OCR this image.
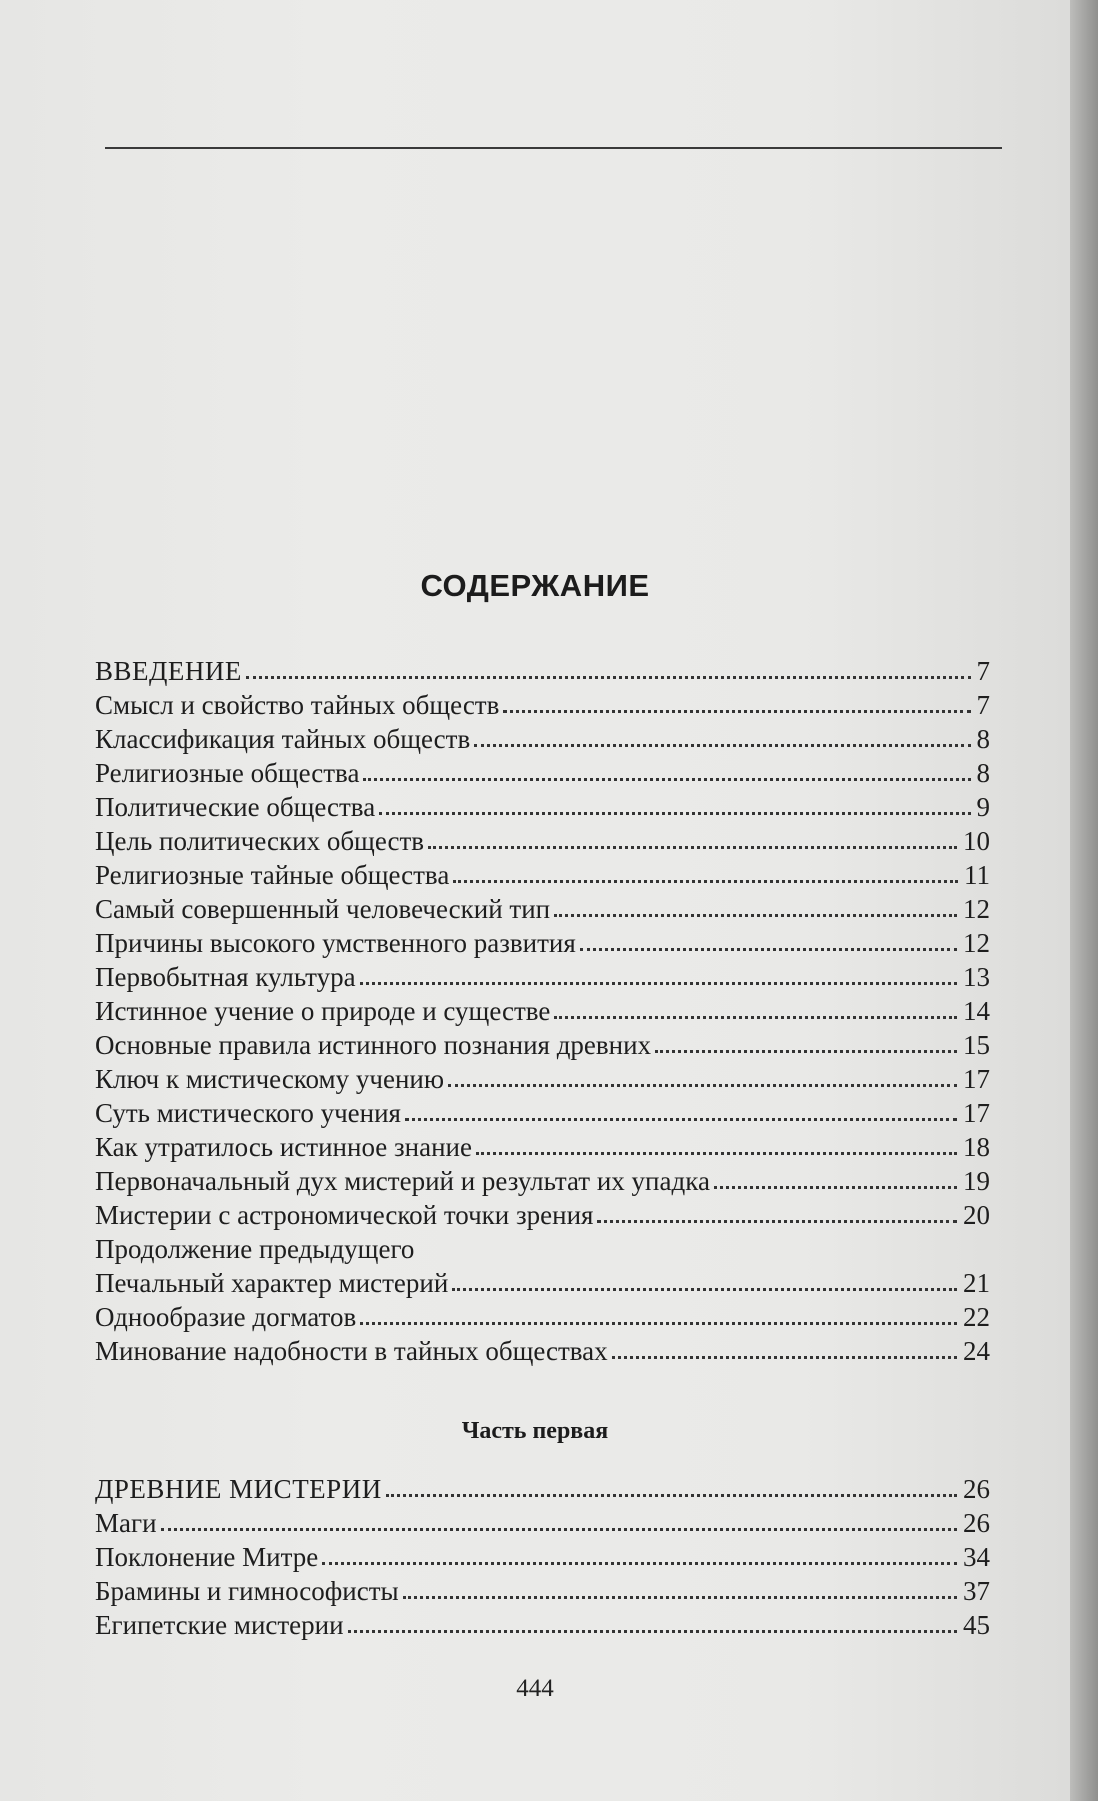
СОДЕРЖАНИЕ
ВВЕДЕНИЕ	7
Смысл и свойство тайных обществ	7
Классификация тайных обществ	8
Религиозные общества	8
Политические общества	9
Цель политических обществ	10
Религиозные тайные общества	11
Самый совершенный человеческий тип	12
Причины высокого умственного развития	12
Первобытная культура	13
Истинное учение о природе и существе	14
Основные правила истинного познания древних	15
Ключ к мистическому учению	17
Суть мистического учения	17
Как утратилось истинное знание	18
Первоначальный дух мистерий и результат их упадка	19
Мистерии с астрономической точки зрения	20
Продолжение предыдущего
Печальный характер мистерий	21
Однообразие догматов	22
Минование надобности в тайных обществах	24
Часть первая
ДРЕВНИЕ МИСТЕРИИ	26
Маги	26
Поклонение Митре	34
Брамины и гимнософисты	37
Египетские мистерии	45
444
